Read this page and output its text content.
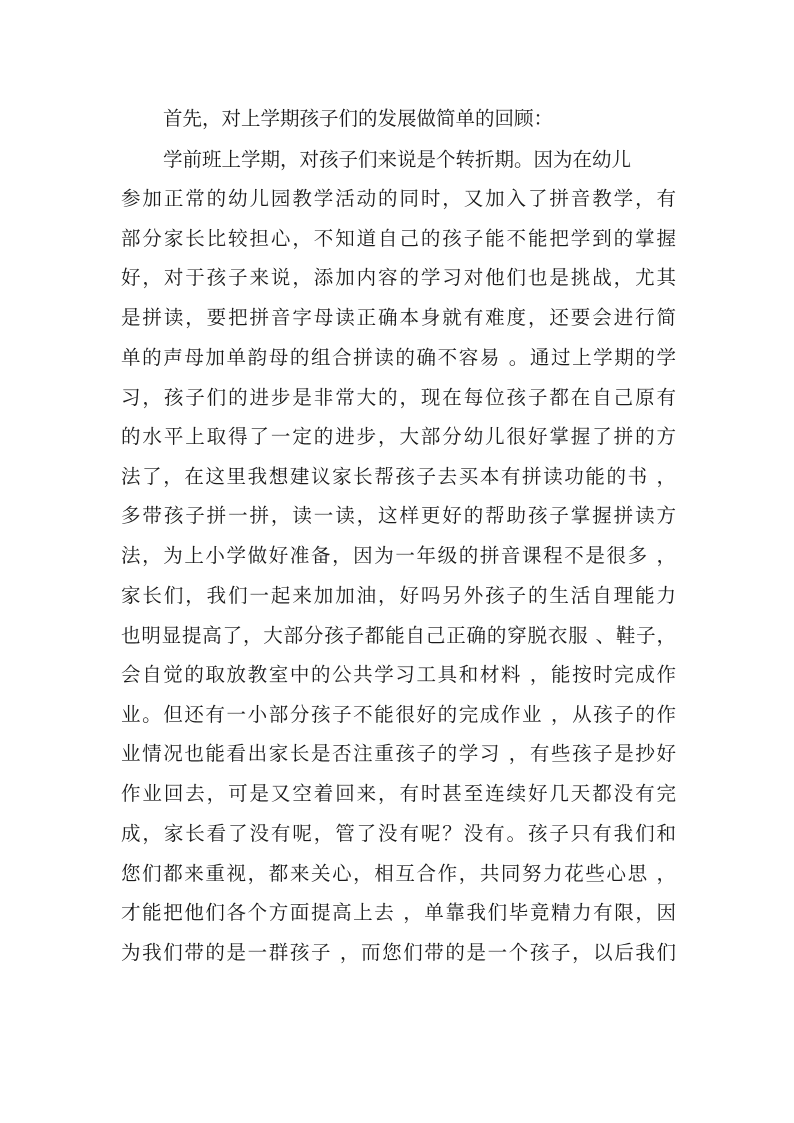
首先，对上学期孩子们的发展做简单的回顾：
学前班上学期，对孩子们来说是个转折期。因为在幼儿
参加正常的幼儿园教学活动的同时，又加入了拼音教学，有
部分家长比较担心，不知道自己的孩子能不能把学到的掌握
好，对于孩子来说，添加内容的学习对他们也是挑战，尤其
是拼读，要把拼音字母读正确本身就有难度，还要会进行简
单的声母加单韵母的组合拼读的确不容易 。通过上学期的学
习，孩子们的进步是非常大的，现在每位孩子都在自己原有
的水平上取得了一定的进步，大部分幼儿很好掌握了拼的方
法了，在这里我想建议家长帮孩子去买本有拼读功能的书 ，
多带孩子拼一拼，读一读，这样更好的帮助孩子掌握拼读方
法，为上小学做好准备，因为一年级的拼音课程不是很多 ，
家长们，我们一起来加加油，好吗另外孩子的生活自理能力
也明显提高了，大部分孩子都能自己正确的穿脱衣服 、鞋子，
会自觉的取放教室中的公共学习工具和材料 ，能按时完成作
业。但还有一小部分孩子不能很好的完成作业 ，从孩子的作
业情况也能看出家长是否注重孩子的学习 ，有些孩子是抄好
作业回去，可是又空着回来，有时甚至连续好几天都没有完
成，家长看了没有呢，管了没有呢？没有。孩子只有我们和
您们都来重视，都来关心，相互合作，共同努力花些心思 ，
才能把他们各个方面提高上去 ，单靠我们毕竟精力有限，因
为我们带的是一群孩子 ，而您们带的是一个孩子，以后我们
